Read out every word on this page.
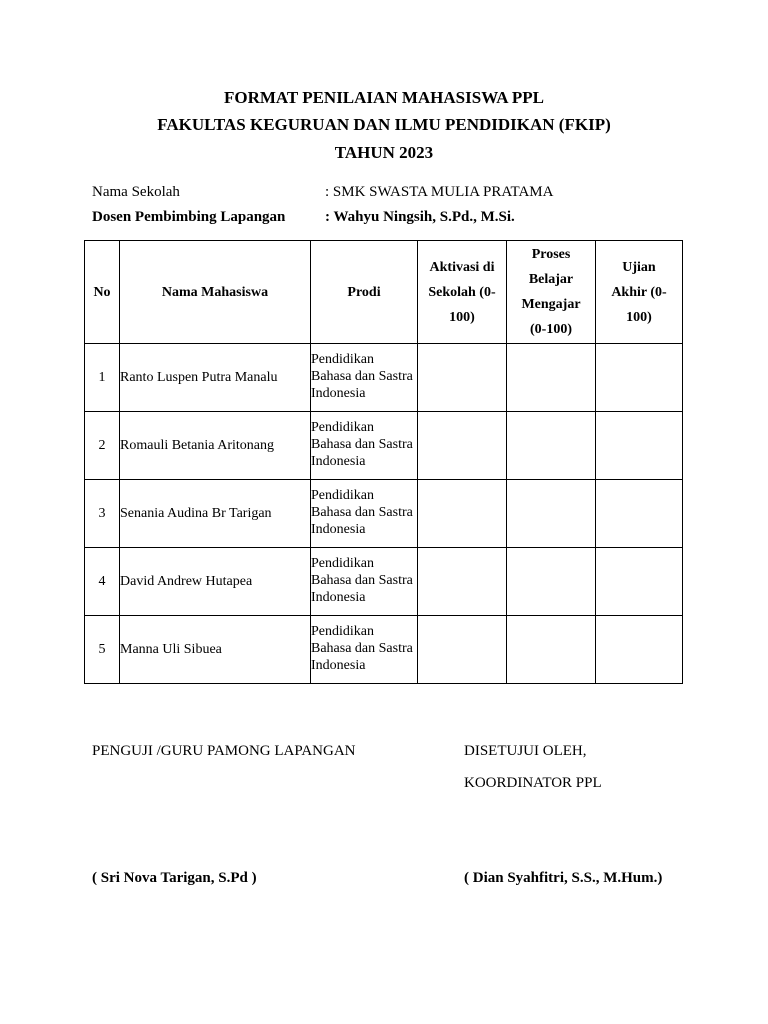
FORMAT PENILAIAN MAHASISWA PPL
FAKULTAS KEGURUAN DAN ILMU PENDIDIKAN (FKIP)
TAHUN 2023
Nama Sekolah	: SMK SWASTA MULIA PRATAMA
Dosen Pembimbing Lapangan	: Wahyu Ningsih, S.Pd., M.Si.
No	Nama Mahasiswa	Prodi	Aktivasi di Sekolah (0-100)	Proses Belajar Mengajar (0-100)	Ujian Akhir (0-100)
1	Ranto Luspen Putra Manalu	Pendidikan Bahasa dan Sastra Indonesia			
2	Romauli Betania Aritonang	Pendidikan Bahasa dan Sastra Indonesia			
3	Senania Audina Br Tarigan	Pendidikan Bahasa dan Sastra Indonesia			
4	David Andrew Hutapea	Pendidikan Bahasa dan Sastra Indonesia			
5	Manna Uli Sibuea	Pendidikan Bahasa dan Sastra Indonesia			
PENGUJI /GURU PAMONG LAPANGAN	DISETUJUI OLEH,
KOORDINATOR PPL
( Sri Nova Tarigan, S.Pd )	( Dian Syahfitri, S.S., M.Hum.)
